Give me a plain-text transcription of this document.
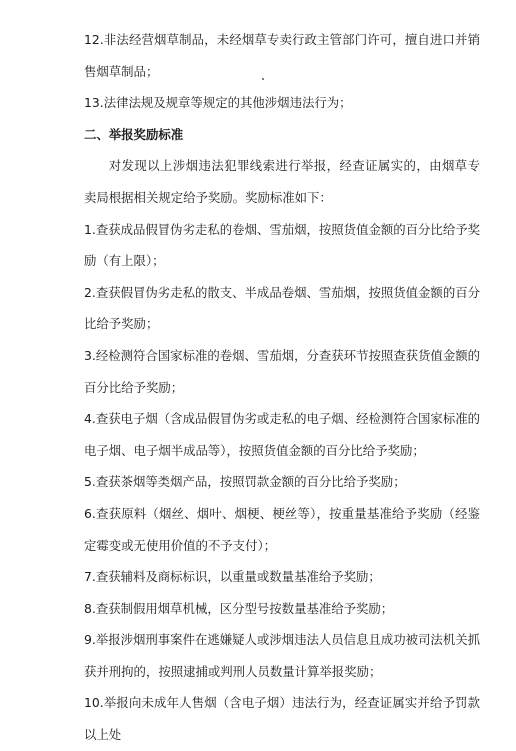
12.非法经营烟草制品，未经烟草专卖行政主管部门许可，擅自进口并销售烟草制品；

13.法律法规及规章等规定的其他涉烟违法行为；

二、举报奖励标准

对发现以上涉烟违法犯罪线索进行举报，经查证属实的，由烟草专卖局根据相关规定给予奖励。奖励标准如下：

1.查获成品假冒伪劣走私的卷烟、雪茄烟，按照货值金额的百分比给予奖励（有上限）；

2.查获假冒伪劣走私的散支、半成品卷烟、雪茄烟，按照货值金额的百分比给予奖励；

3.经检测符合国家标准的卷烟、雪茄烟，分查获环节按照查获货值金额的百分比给予奖励；

4.查获电子烟（含成品假冒伪劣或走私的电子烟、经检测符合国家标准的电子烟、电子烟半成品等），按照货值金额的百分比给予奖励；

5.查获茶烟等类烟产品，按照罚款金额的百分比给予奖励；

6.查获原料（烟丝、烟叶、烟梗、梗丝等），按重量基准给予奖励（经鉴定霉变或无使用价值的不予支付）；

7.查获辅料及商标标识，以重量或数量基准给予奖励；

8.查获制假用烟草机械，区分型号按数量基准给予奖励；

9.举报涉烟刑事案件在逃嫌疑人或涉烟违法人员信息且成功被司法机关抓获并刑拘的，按照逮捕或判刑人员数量计算举报奖励；

10.举报向未成年人售烟（含电子烟）违法行为，经查证属实并给予罚款以上处
